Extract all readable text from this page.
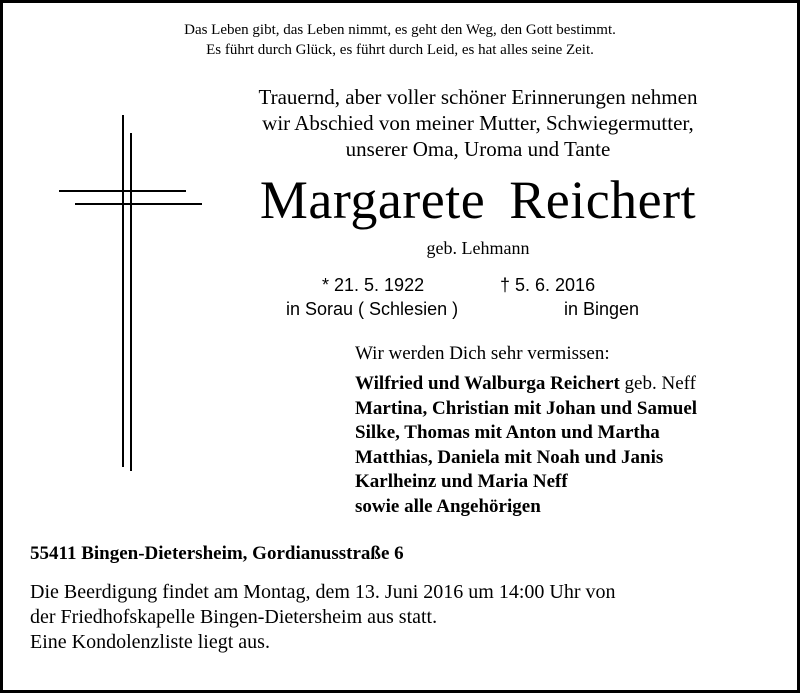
Das Leben gibt, das Leben nimmt, es geht den Weg, den Gott bestimmt.
Es führt durch Glück, es führt durch Leid, es hat alles seine Zeit.
Trauernd, aber voller schöner Erinnerungen nehmen
wir Abschied von meiner Mutter, Schwiegermutter,
unserer Oma, Uroma und Tante
Margarete Reichert
geb. Lehmann
* 21. 5. 1922	† 5. 6. 2016
in Sorau ( Schlesien )	in Bingen
Wir werden Dich sehr vermissen:
Wilfried und Walburga Reichert geb. Neff
Martina, Christian mit Johan und Samuel
Silke, Thomas mit Anton und Martha
Matthias, Daniela mit Noah und Janis
Karlheinz und Maria Neff
sowie alle Angehörigen
55411 Bingen-Dietersheim, Gordianusstraße 6
Die Beerdigung findet am Montag, dem 13. Juni 2016 um 14:00 Uhr von
der Friedhofskapelle Bingen-Dietersheim aus statt.
Eine Kondolenzliste liegt aus.
